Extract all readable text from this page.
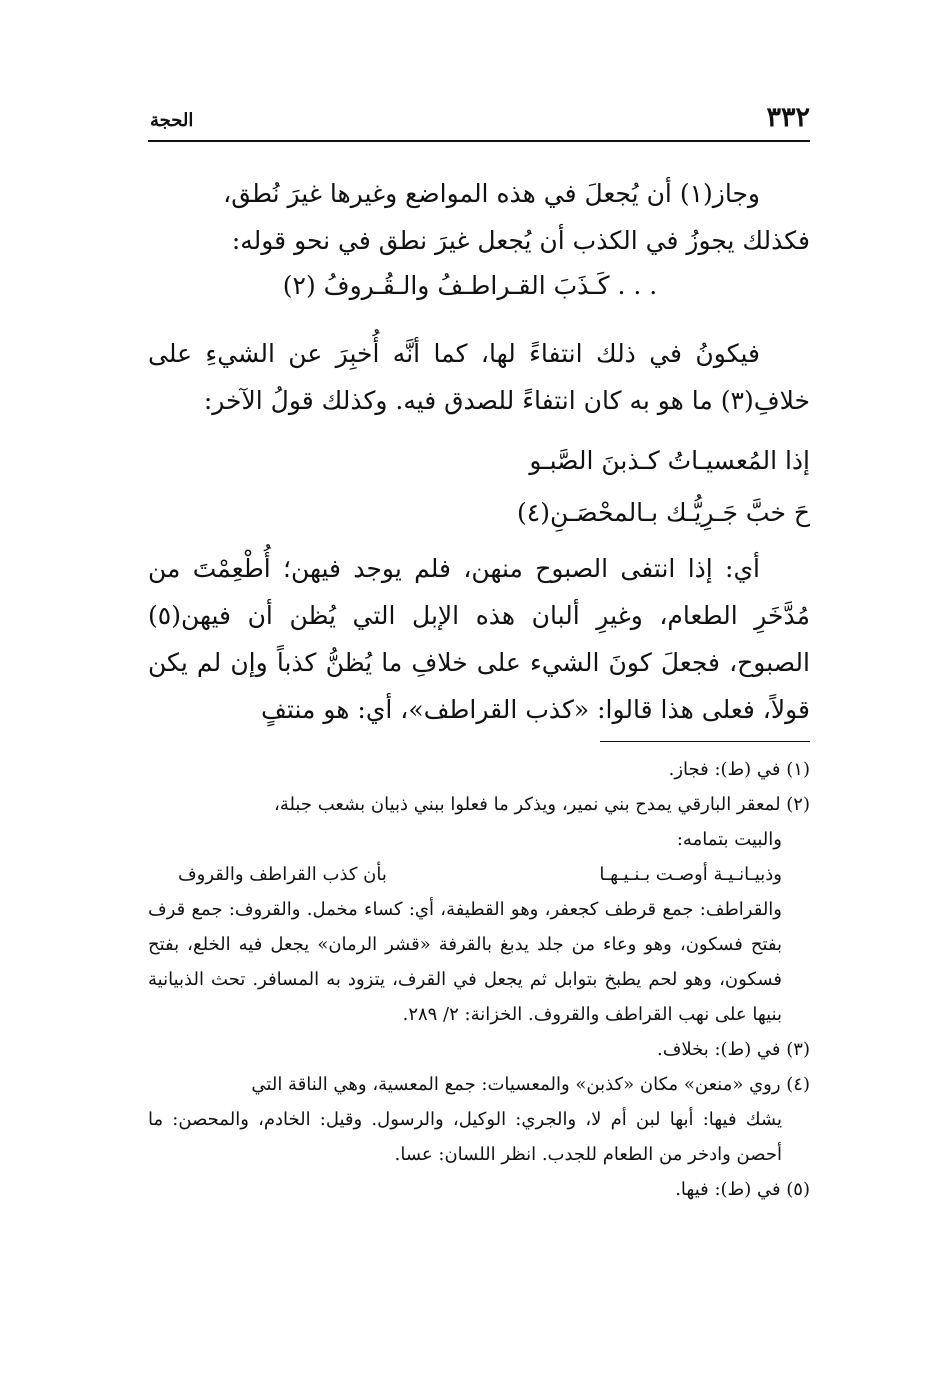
٣٣٢
الحجة

وجاز(١) أن يُجعلَ في هذه المواضع وغيرها غيرَ نُطق،

فكذلك يجوزُ في الكذب أن يُجعل غيرَ نطق في نحو قوله:

. . . كَـذَبَ القـراطـفُ والـقُـروفُ (٢)

فيكونُ في ذلك انتفاءً لها، كما أنَّه أُخبِرَ عن الشيءِ على خلافِ(٣) ما هو به كان انتفاءً للصدق فيه. وكذلك قولُ الآخر:

إذا المُعسيـاتُ كـذبنَ الصَّبـو
حَ خبَّ جَـرِيُّـك بـالمحْصَـنِ(٤)

أي: إذا انتفى الصبوح منهن، فلم يوجد فيهن؛ أُطْعِمْتَ من مُدَّخَرِ الطعام، وغيرِ ألبان هذه الإبل التي يُظن أن فيهن(٥) الصبوح، فجعلَ كونَ الشيء على خلافِ ما يُظنُّ كذباً وإن لم يكن قولاً، فعلى هذا قالوا: «كذب القراطف»، أي: هو منتفٍ

(١) في (ط): فجاز.

(٢) لمعقر البارقي يمدح بني نمير، ويذكر ما فعلوا ببني ذبيان بشعب جبلة،

والبيت بتمامه:

وذبيـانـيـة أوصـت بـنـيـهـا
بأن كذب القراطف والقروف

والقراطف: جمع قرطف كجعفر، وهو القطيفة، أي: كساء مخمل. والقروف: جمع قرف بفتح فسكون، وهو وعاء من جلد يدبغ بالقرفة «قشر الرمان» يجعل فيه الخلع، بفتح فسكون، وهو لحم يطبخ بتوابل ثم يجعل في القرف، يتزود به المسافر. تحث الذبيانية بنيها على نهب القراطف والقروف. الخزانة: ٢/ ٢٨٩.

(٣) في (ط): بخلاف.

(٤) روي «منعن» مكان «كذبن» والمعسيات: جمع المعسية، وهي الناقة التي

يشك فيها: أبها لبن أم لا، والجري: الوكيل، والرسول. وقيل: الخادم، والمحصن: ما أحصن وادخر من الطعام للجدب. انظر اللسان: عسا.

(٥) في (ط): فيها.
